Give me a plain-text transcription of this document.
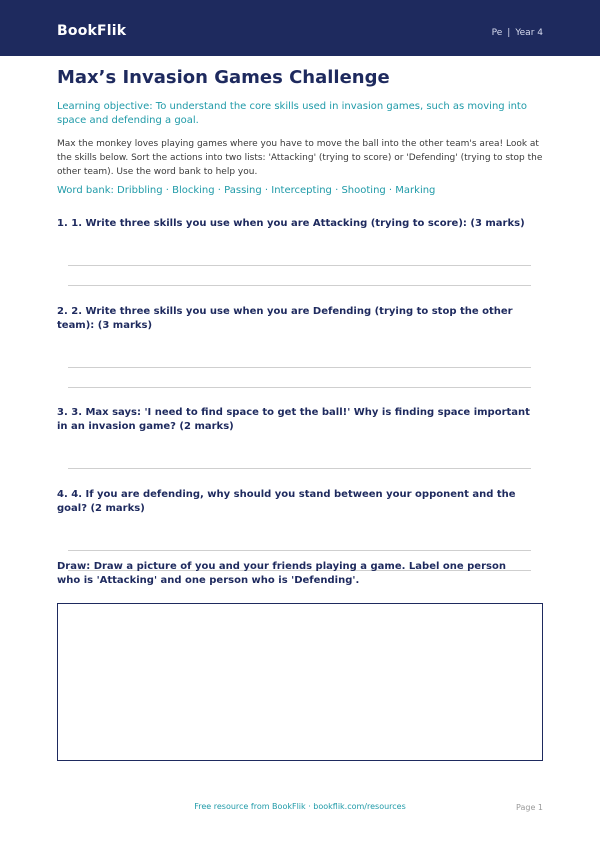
BookFlik	Pe | Year 4
Max’s Invasion Games Challenge
Learning objective: To understand the core skills used in invasion games, such as moving into space and defending a goal.
Max the monkey loves playing games where you have to move the ball into the other team's area! Look at the skills below. Sort the actions into two lists: 'Attacking' (trying to score) or 'Defending' (trying to stop the other team). Use the word bank to help you.
Word bank: Dribbling · Blocking · Passing · Intercepting · Shooting · Marking
1. 1. Write three skills you use when you are Attacking (trying to score): (3 marks)
2. 2. Write three skills you use when you are Defending (trying to stop the other team): (3 marks)
3. 3. Max says: 'I need to find space to get the ball!' Why is finding space important in an invasion game? (2 marks)
4. 4. If you are defending, why should you stand between your opponent and the goal? (2 marks)
Draw: Draw a picture of you and your friends playing a game. Label one person who is 'Attacking' and one person who is 'Defending'.
Free resource from BookFlik · bookflik.com/resources	Page 1
